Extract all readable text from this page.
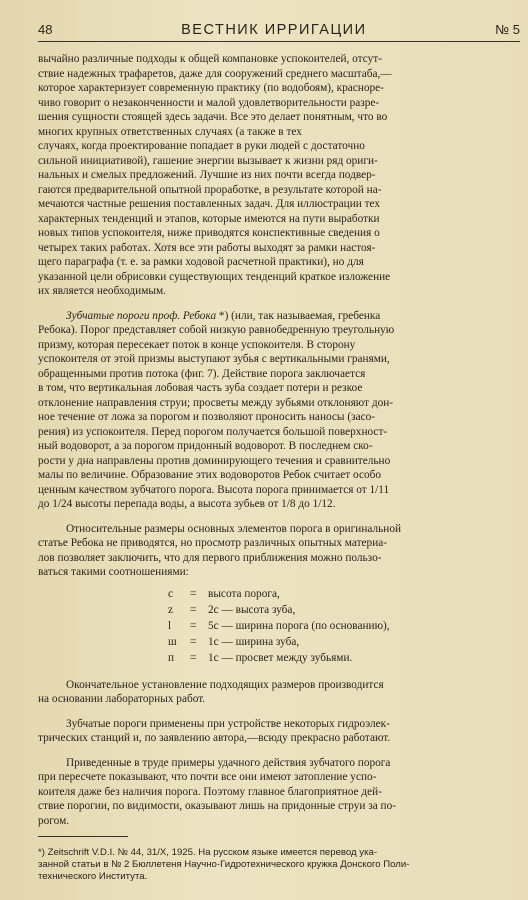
48	ВЕСТНИК ИРРИГАЦИИ	№ 5

вычайно различные подходы к общей компановке успокоителей, отсут-
ствие надежных трафаретов, даже для сооружений среднего масштаба,—
которое характеризует современную практику (по водобоям), красноре-
чиво говорит о незаконченности и малой удовлетворительности разре-
шения сущности стоящей здесь задачи. Все это делает понятным, что во
многих крупных ответственных случаях (а также в тех
случаях, когда проектирование попадает в руки людей с достаточно
сильной инициативой), гашение энергии вызывает к жизни ряд ориги-
нальных и смелых предложений. Лучшие из них почти всегда подвер-
гаются предварительной опытной проработке, в результате которой на-
мечаются частные решения поставленных задач. Для иллюстрации тех
характерных тенденций и этапов, которые имеются на пути выработки
новых типов успокоителя, ниже приводятся конспективные сведения о
четырех таких работах. Хотя все эти работы выходят за рамки настоя-
щего параграфа (т. е. за рамки ходовой расчетной практики), но для
указанной цели обрисовки существующих тенденций краткое изложение
их является необходимым.

Зубчатые пороги проф. Ребока *) (или, так называемая, гребенка
Ребока). Порог представляет собой низкую равнобедренную треугольную
призму, которая пересекает поток в конце успокоителя. В сторону
успокоителя от этой призмы выступают зубья с вертикальными гранями,
обращенными против потока (фиг. 7). Действие порога заключается
в том, что вертикальная лобовая часть зуба создает потери и резкое
отклонение направления струи; просветы между зубьями отклоняют дон-
ное течение от ложа за порогом и позволяют проносить наносы (засо-
рения) из успокоителя. Перед порогом получается большой поверхност-
ный водоворот, а за порогом придонный водоворот. В последнем ско-
рости у дна направлены против доминирующего течения и сравнительно
малы по величине. Образование этих водоворотов Ребок считает особо
ценным качеством зубчатого порога. Высота порога принимается от 1/11
до 1/24 высоты перепада воды, а высота зубьев от 1/8 до 1/12.

Относительные размеры основных элементов порога в оригинальной
статье Ребока не приводятся, но просмотр различных опытных материа-
лов позволяет заключить, что для первого приближения можно пользо-
ваться такими соотношениями:

c	=	высота порога,
z	=	2c — высота зуба,
l	=	5c — ширина порога (по основанию),
ш	=	1c — ширина зуба,
п	=	1c — просвет между зубьями.

Окончательное установление подходящих размеров производится
на основании лабораторных работ.

Зубчатые пороги применены при устройстве некоторых гидроэлек-
трических станций и, по заявлению автора,—всюду прекрасно работают.

Приведенные в труде примеры удачного действия зубчатого порога
при пересчете показывают, что почти все они имеют затопление успо-
коителя даже без наличия порога. Поэтому главное благоприятное дей-
ствие порогии, по видимости, оказывают лишь на придонные струи за по-
рогом.

*) Zeitschrift V.D.I. № 44, 31/X, 1925. На русском языке имеется перевод ука-
занной статьи в № 2 Бюллетеня Научно-Гидротехнического кружка Донского Поли-
технического Института.
